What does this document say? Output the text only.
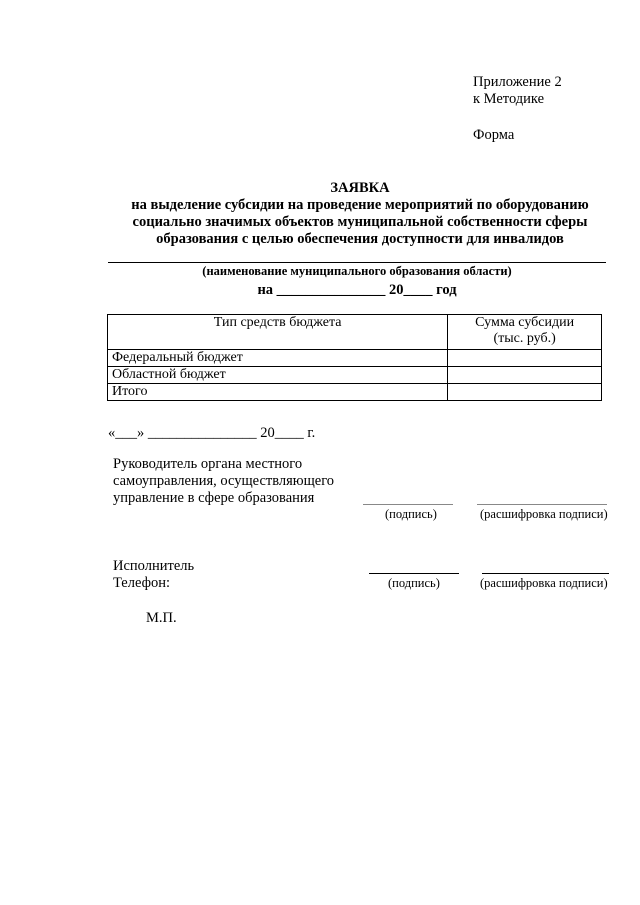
Приложение 2
к Методике
Форма
ЗАЯВКА
на выделение субсидии на проведение мероприятий по оборудованию
социально значимых объектов муниципальной собственности сферы
образования с целью обеспечения доступности для инвалидов
(наименование муниципального образования области)
на _______________ 20____ год
Тип средств бюджета	Сумма субсидии
(тыс. руб.)

Федеральный бюджет	
Областной бюджет	
Итого	
«___» _______________ 20____ г.
Руководитель органа местного
самоуправления, осуществляющего
управление в сфере образования
(подпись)	(расшифровка подписи)
Исполнитель
Телефон:	(подпись)	(расшифровка подписи)
М.П.
